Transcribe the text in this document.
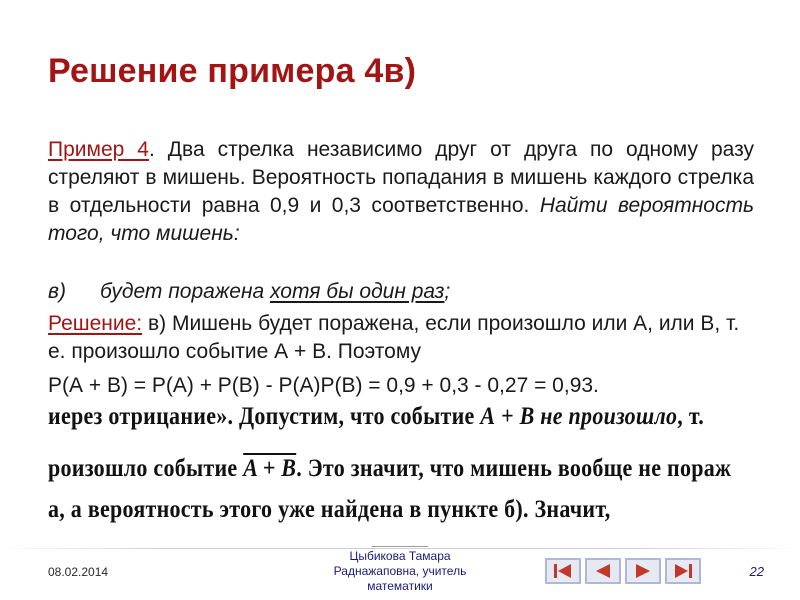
Решение примера 4в)
Пример 4. Два стрелка независимо друг от друга по одному разу стреляют в мишень. Вероятность попадания в мишень каждого стрелка в отдельности равна 0,9 и 0,3 соответственно. Найти вероятность того, что мишень:
в) будет поражена хотя бы один раз;
Решение: в) Мишень будет поражена, если произошло или А, или В, т. е. произошло событие А + В. Поэтому
Р(А + В) = Р(А) + Р(В) - Р(А)Р(В) = 0,9 + 0,3 - 0,27 = 0,93.
иерез отрицание». Допустим, что событие А + В не произошло, т.
роизошло событие A + B. Это значит, что мишень вообще не пораж
а, а вероятность этого уже найдена в пункте б). Значит,
08.02.2014
Цыбикова Тамара
Раднажаповна, учитель
математики
22
